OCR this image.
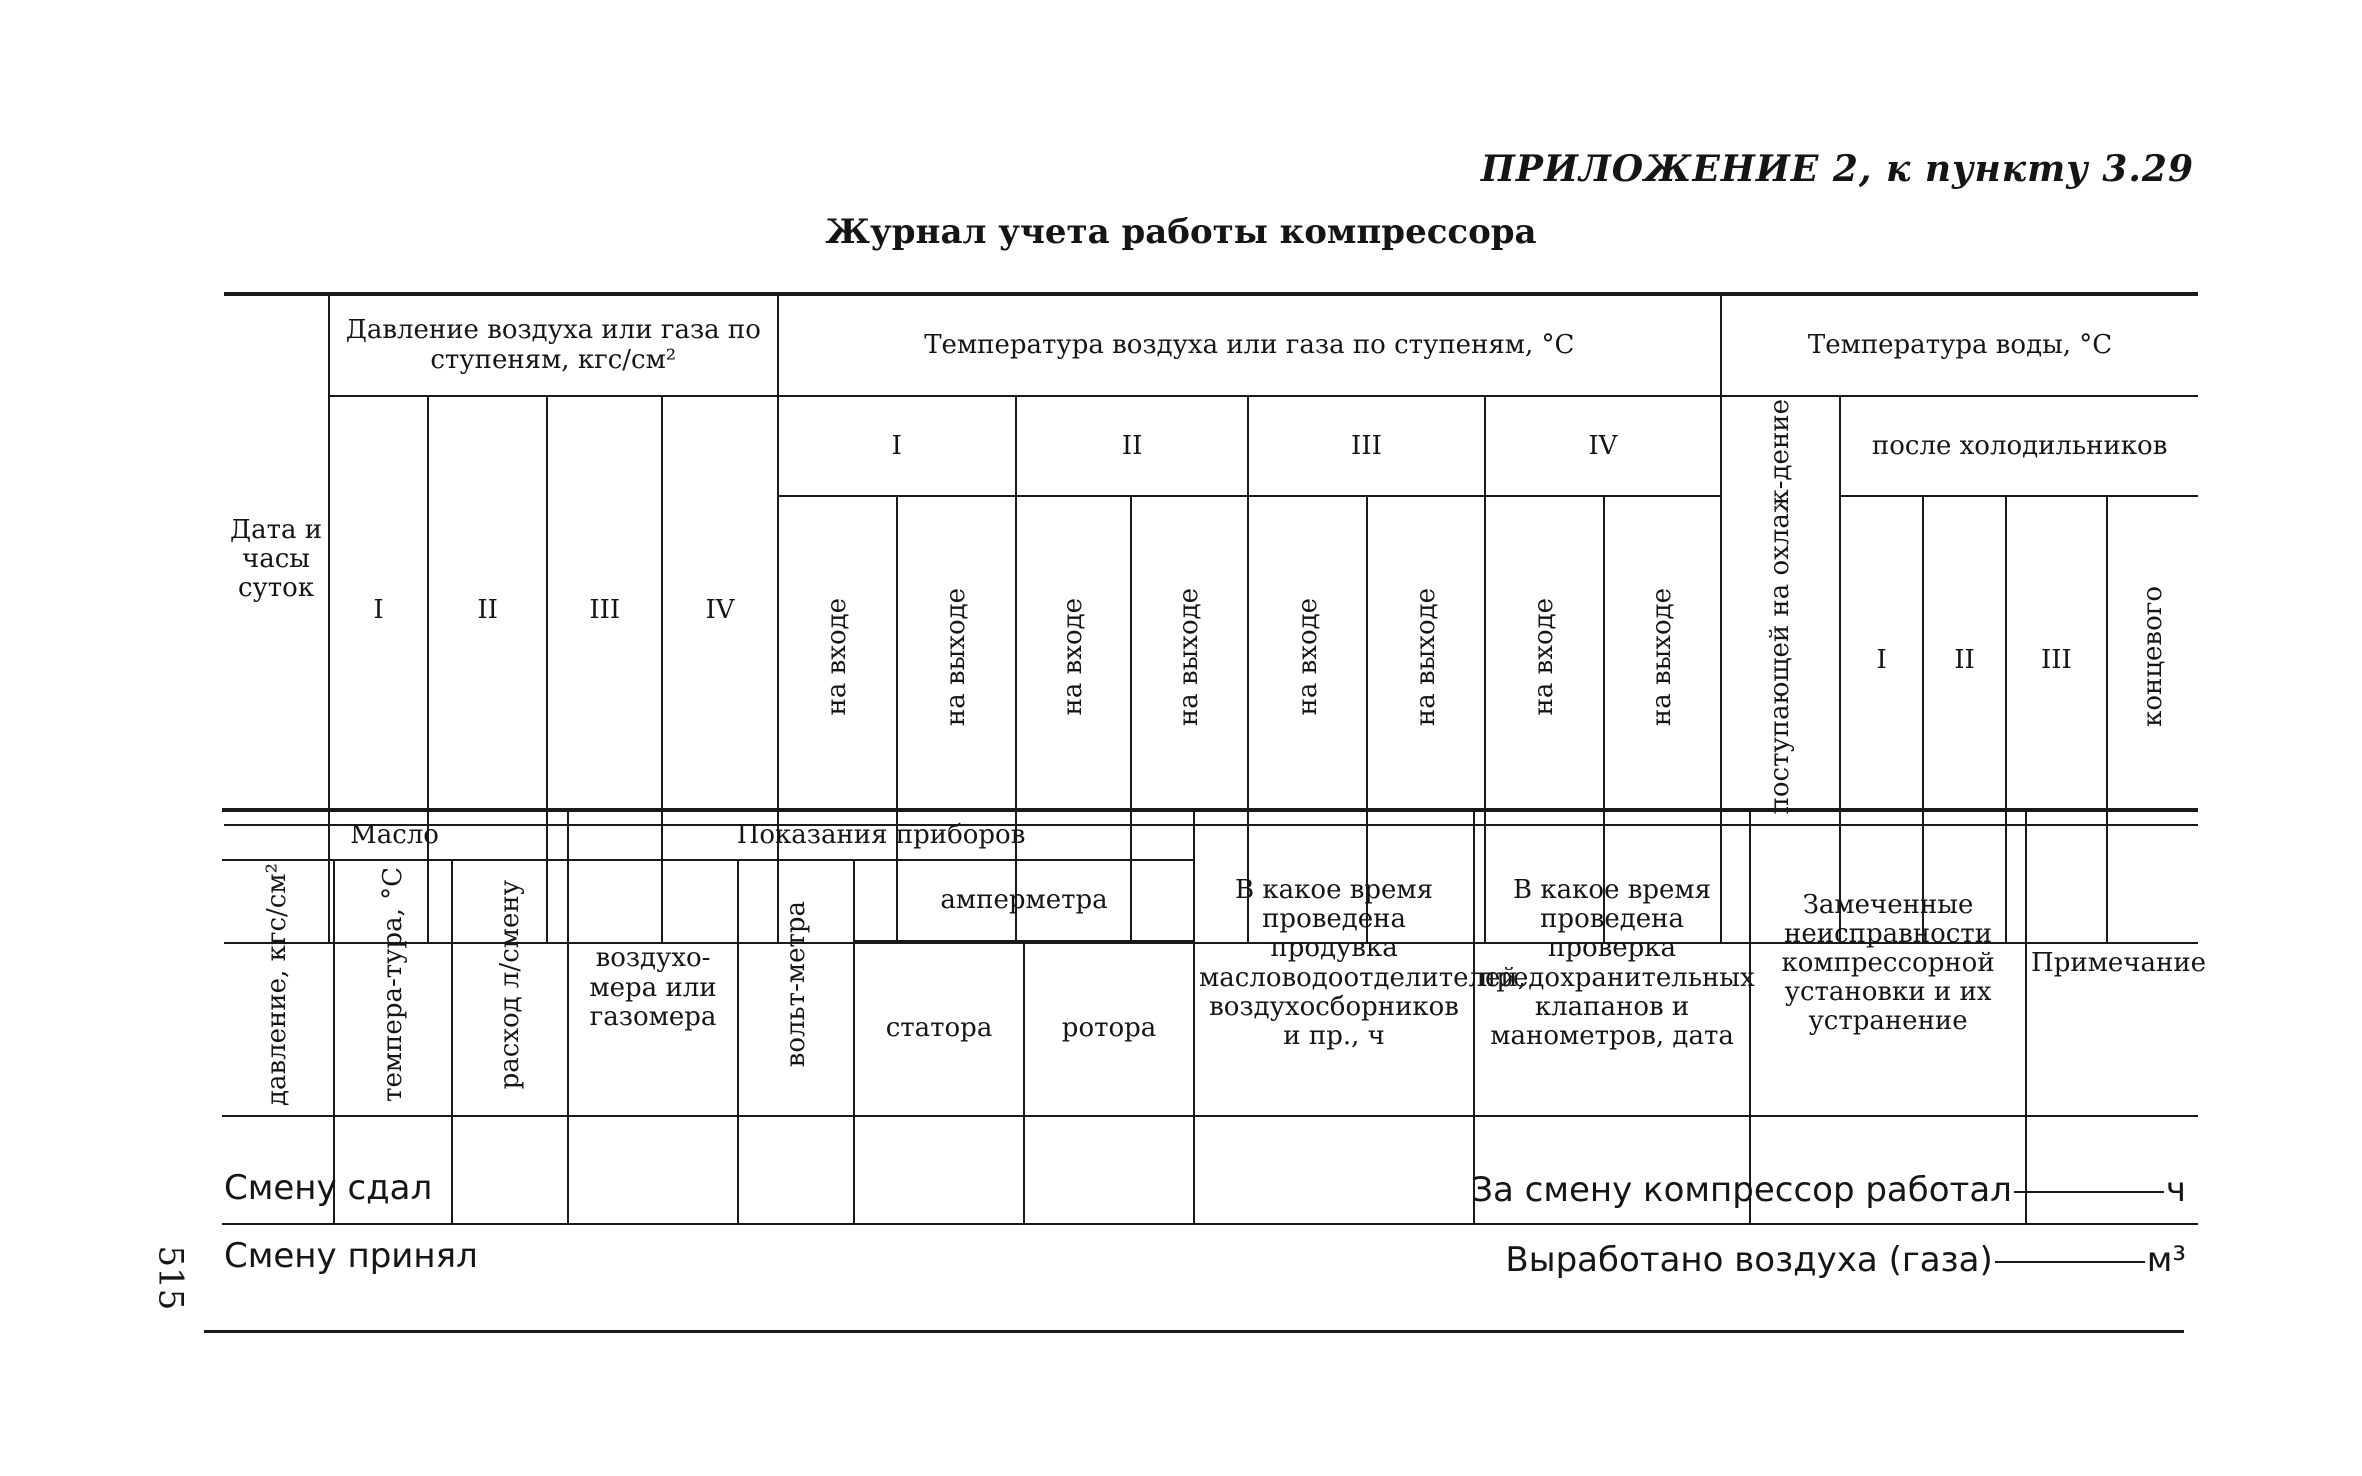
ПРИЛОЖЕНИЕ 2, к пункту 3.29
Журнал учета работы компрессора
Дата и часы суток	Давление воздуха или газа по ступеням, кгс/см²				Температура воздуха или газа по ступеням, °С								Температура воды, °С				
	I	II	III	IV	I		II		III		IV		поступающей на охлаж-дение	после холодильников			
					на входе	на выходе	на входе	на выходе	на входе	на выходе	на входе	на выходе		I	II	III	концевого

Масло			Показания приборов				В какое время проведена продувка масловодоотделителей, воздухосборников и пр., ч	В какое время проведена проверка предохранительных клапанов и манометров, дата	Замеченные неисправности компрессорной установки и их устранение	Примечание
давление, кгс/см²	темпера-тура, °С	расход л/смену	воздухо-мера или газомера	вольт-метра	амперметра					
					статора	ротора				

Смену сдал
Смену принял
За смену компрессор работал	ч
Выработано воздуха (газа)	м³
515
